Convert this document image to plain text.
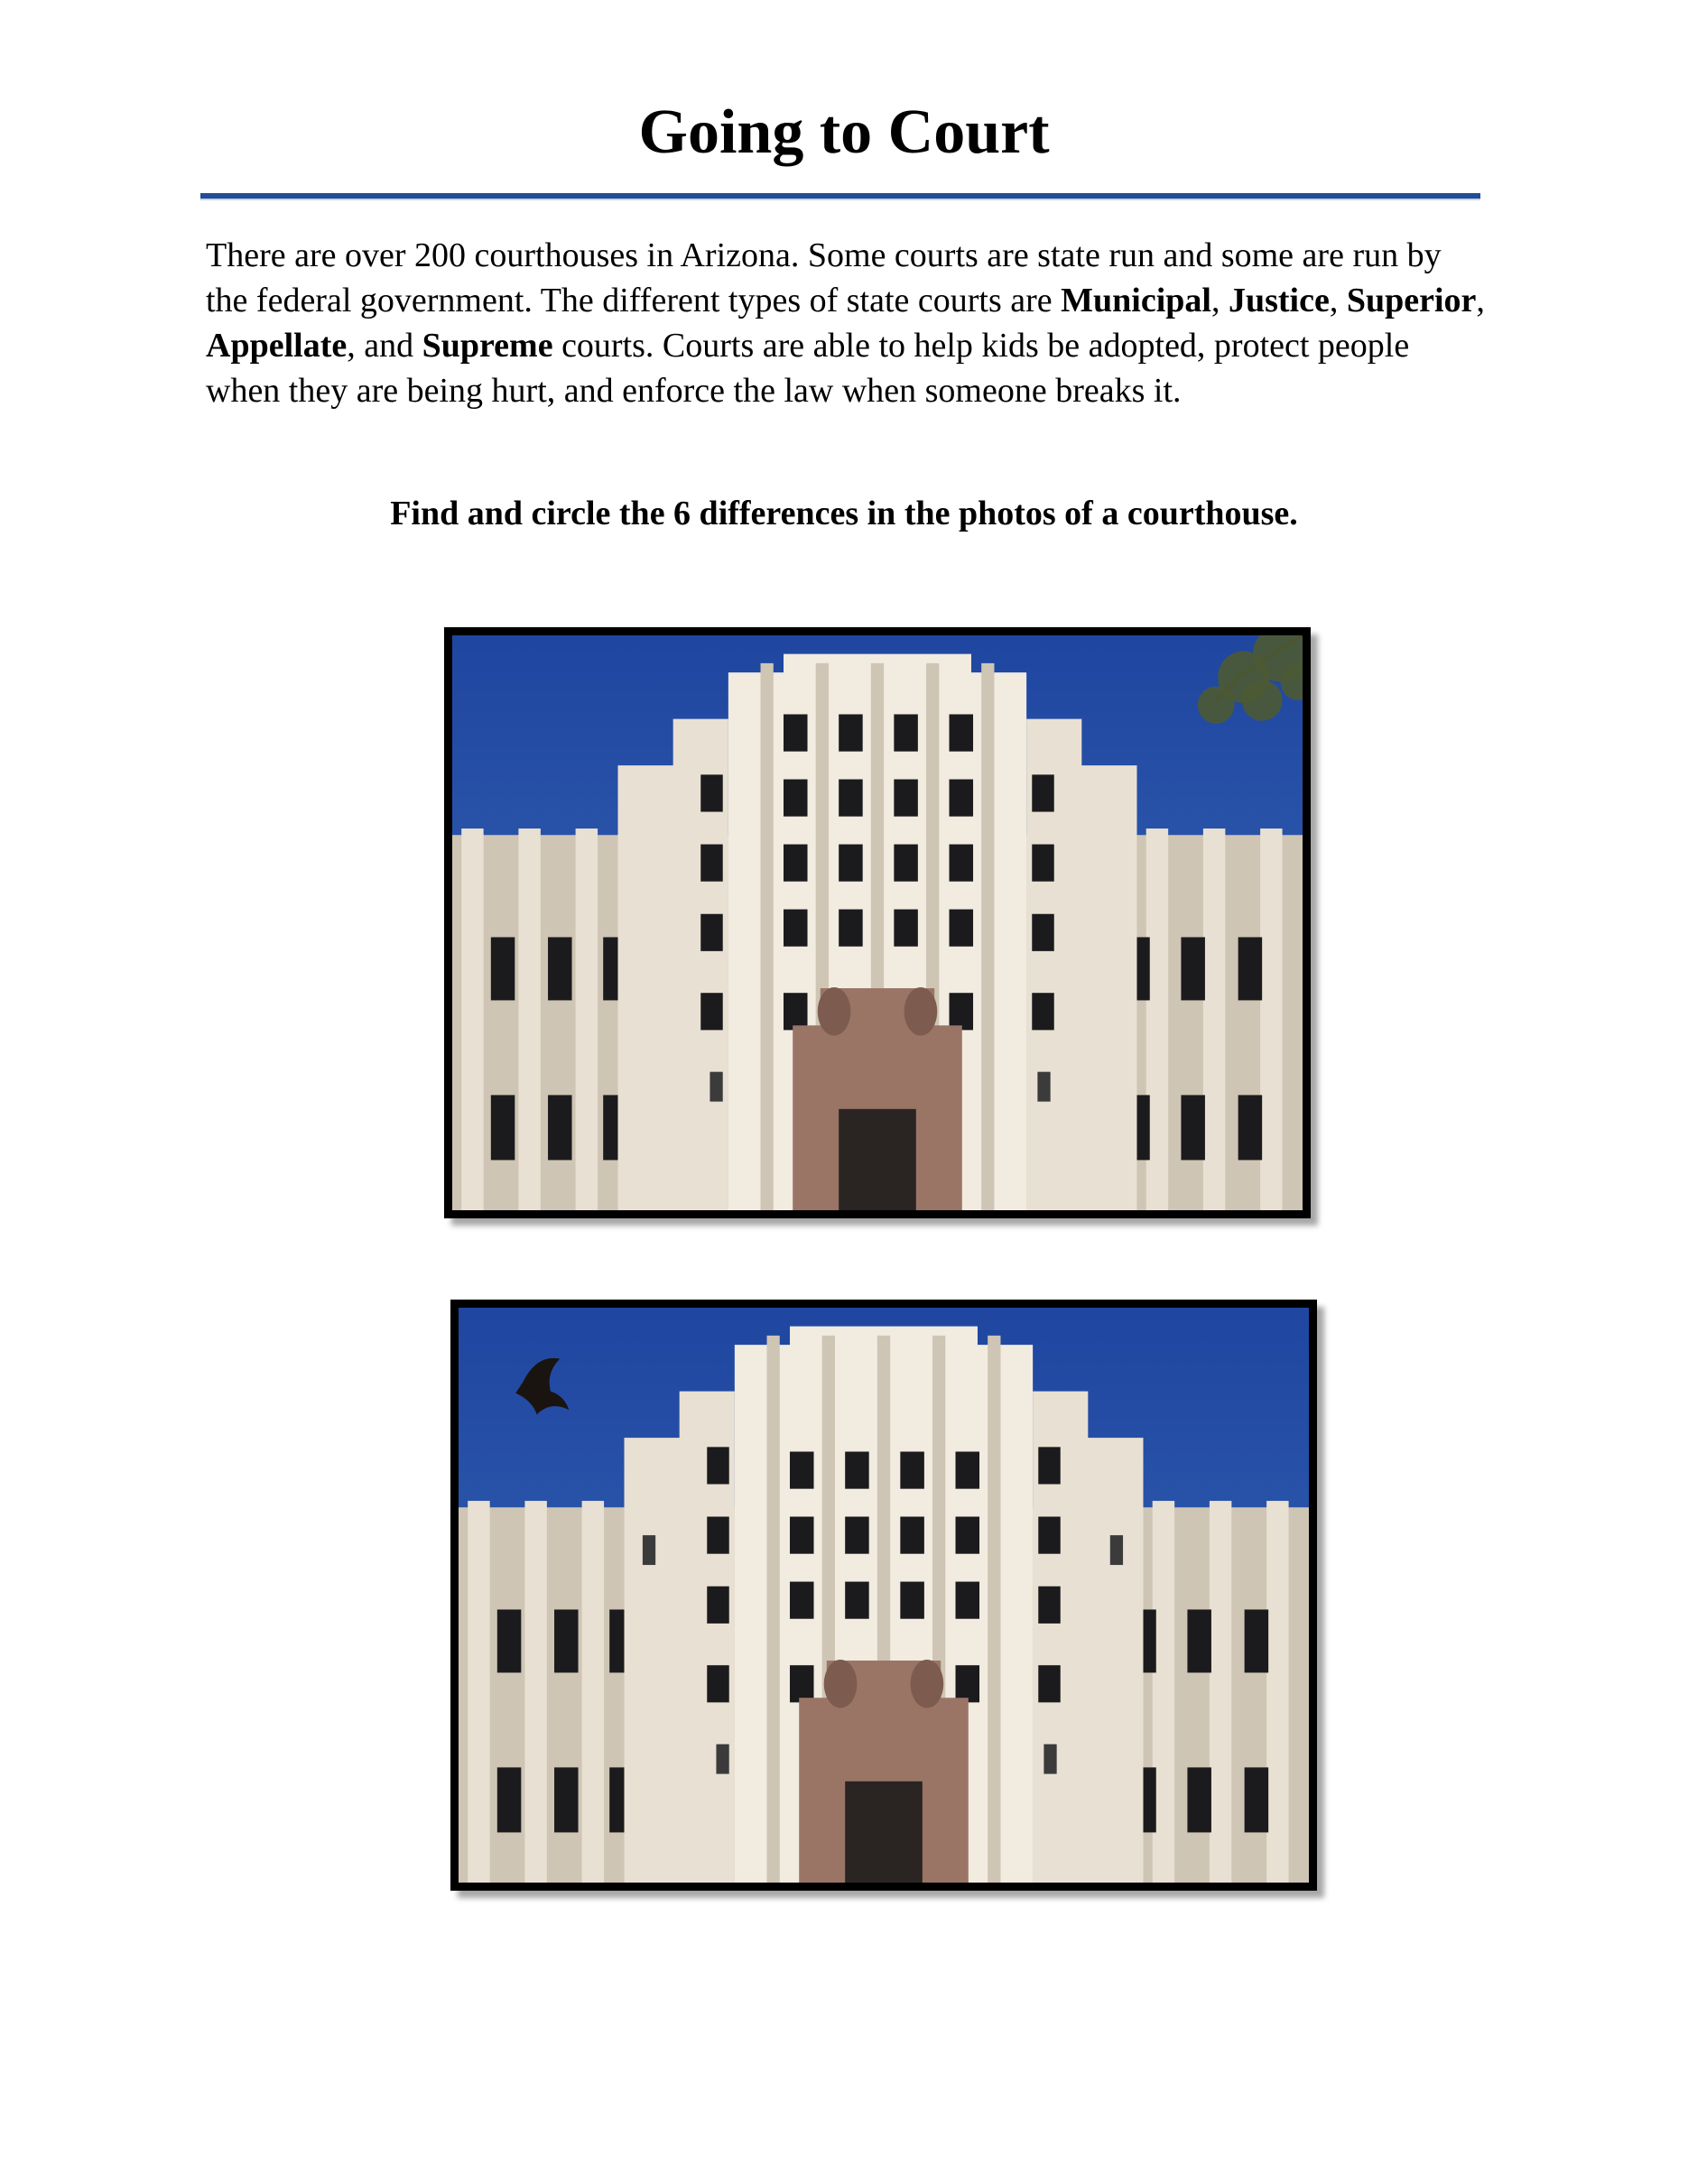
Going to Court
There are over 200 courthouses in Arizona. Some courts are state run and some are run by the federal government. The different types of state courts are Municipal, Justice, Superior, Appellate, and Supreme courts. Courts are able to help kids be adopted, protect people when they are being hurt, and enforce the law when someone breaks it.
Find and circle the 6 differences in the photos of a courthouse.
